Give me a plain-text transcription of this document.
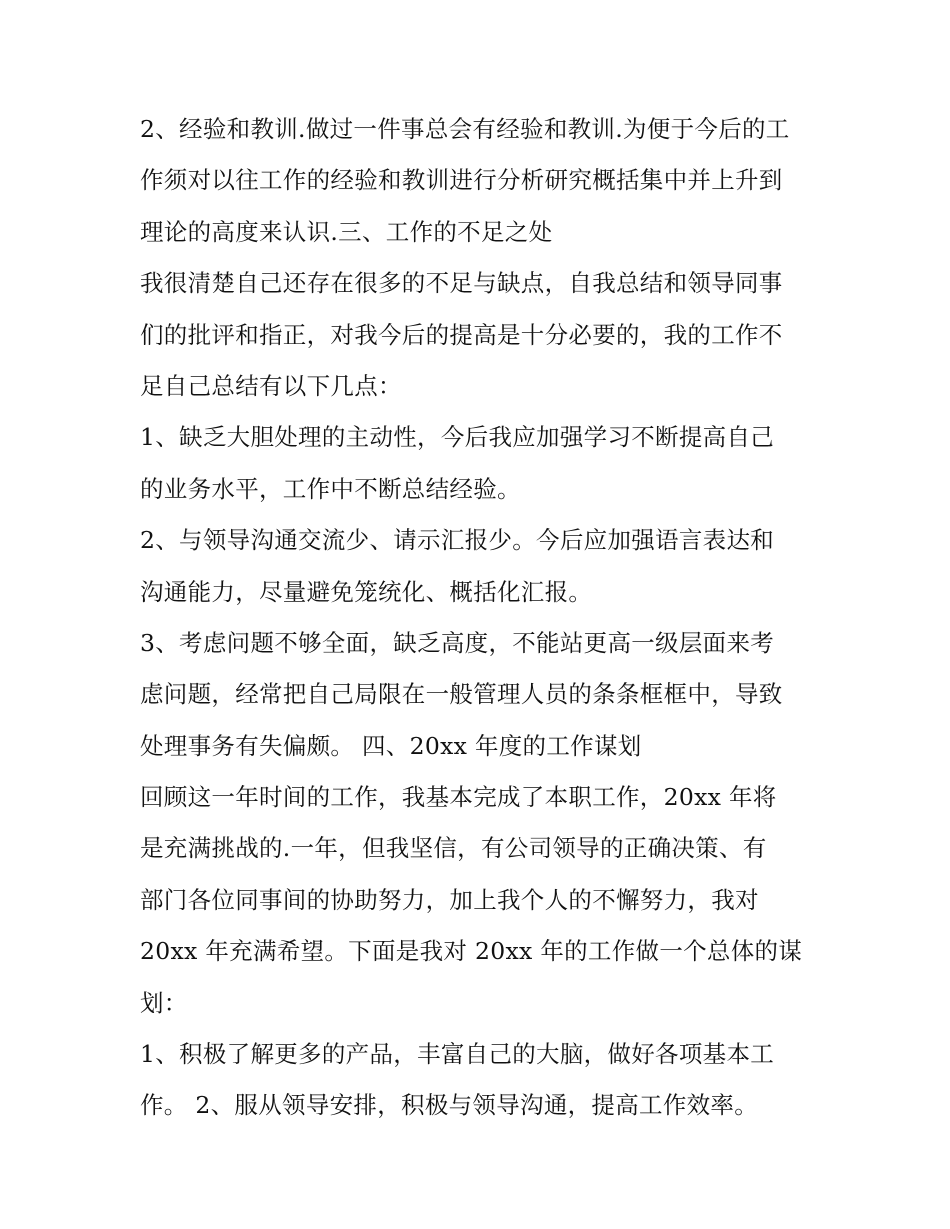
2、经验和教训.做过一件事总会有经验和教训.为便于今后的工
作须对以往工作的经验和教训进行分析研究概括集中并上升到
理论的高度来认识.三、工作的不足之处
我很清楚自己还存在很多的不足与缺点，自我总结和领导同事
们的批评和指正，对我今后的提高是十分必要的，我的工作不
足自己总结有以下几点：
1、缺乏大胆处理的主动性，今后我应加强学习不断提高自己
的业务水平，工作中不断总结经验。
2、与领导沟通交流少、请示汇报少。今后应加强语言表达和
沟通能力，尽量避免笼统化、概括化汇报。
3、考虑问题不够全面，缺乏高度，不能站更高一级层面来考
虑问题，经常把自己局限在一般管理人员的条条框框中，导致
处理事务有失偏颇。 四、20xx 年度的工作谋划
回顾这一年时间的工作，我基本完成了本职工作，20xx 年将
是充满挑战的.一年，但我坚信，有公司领导的正确决策、有
部门各位同事间的协助努力，加上我个人的不懈努力，我对
20xx 年充满希望。下面是我对 20xx 年的工作做一个总体的谋
划：
1、积极了解更多的产品，丰富自己的大脑，做好各项基本工
作。 2、服从领导安排，积极与领导沟通，提高工作效率。
